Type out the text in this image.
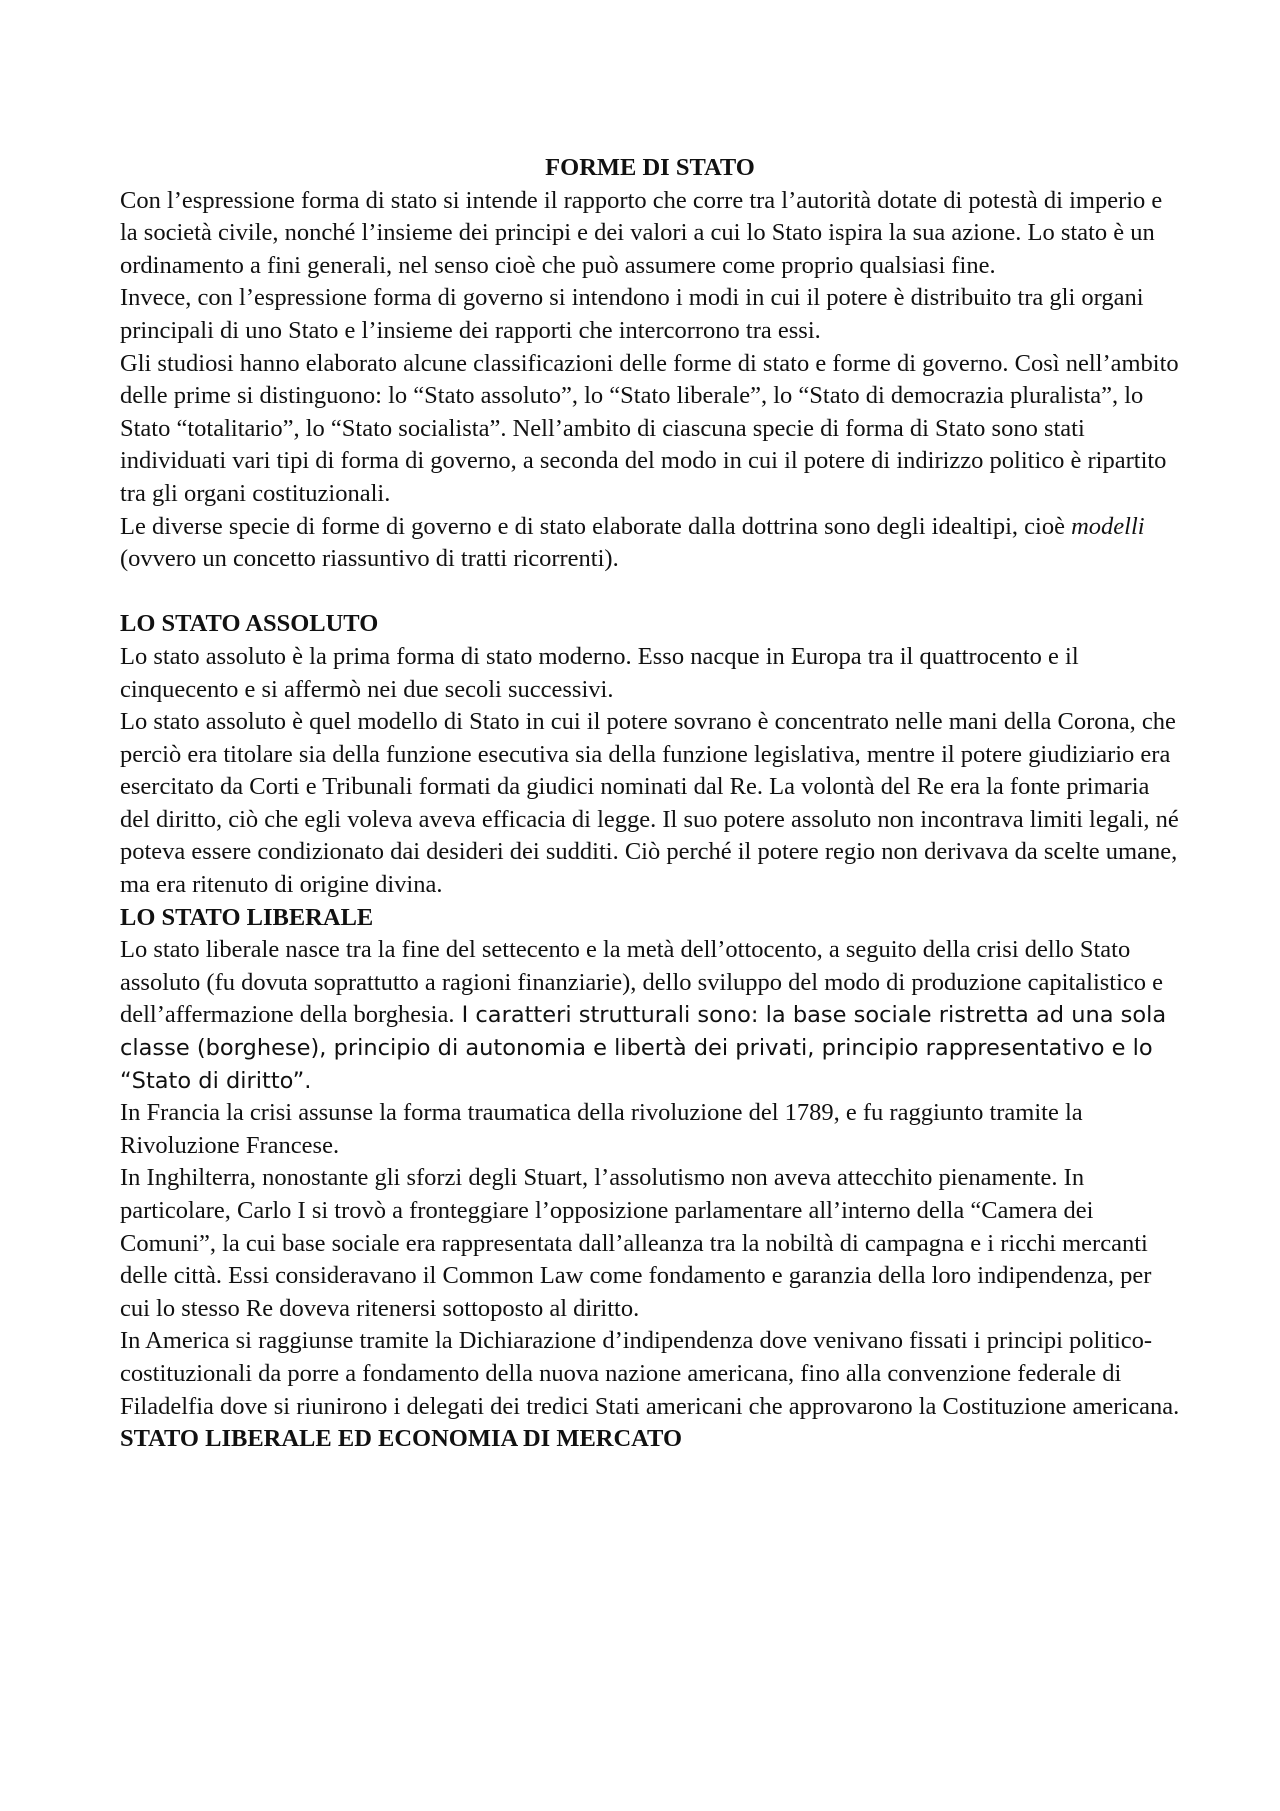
FORME DI STATO

Con l’espressione forma di stato si intende il rapporto che corre tra l’autorità dotate di potestà di imperio e la società civile, nonché l’insieme dei principi e dei valori a cui lo Stato ispira la sua azione. Lo stato è un ordinamento a fini generali, nel senso cioè che può assumere come proprio qualsiasi fine.

Invece, con l’espressione forma di governo si intendono i modi in cui il potere è distribuito tra gli organi principali di uno Stato e l’insieme dei rapporti che intercorrono tra essi.

Gli studiosi hanno elaborato alcune classificazioni delle forme di stato e forme di governo. Così nell’ambito delle prime si distinguono: lo “Stato assoluto”, lo “Stato liberale”, lo “Stato di democrazia pluralista”, lo Stato “totalitario”, lo “Stato socialista”. Nell’ambito di ciascuna specie di forma di Stato sono stati individuati vari tipi di forma di governo, a seconda del modo in cui il potere di indirizzo politico è ripartito tra gli organi costituzionali.

Le diverse specie di forme di governo e di stato elaborate dalla dottrina sono degli idealtipi, cioè modelli (ovvero un concetto riassuntivo di tratti ricorrenti).

LO STATO ASSOLUTO

Lo stato assoluto è la prima forma di stato moderno. Esso nacque in Europa tra il quattrocento e il cinquecento e si affermò nei due secoli successivi.

Lo stato assoluto è quel modello di Stato in cui il potere sovrano è concentrato nelle mani della Corona, che perciò era titolare sia della funzione esecutiva sia della funzione legislativa, mentre il potere giudiziario era esercitato da Corti e Tribunali formati da giudici nominati dal Re. La volontà del Re era la fonte primaria del diritto, ciò che egli voleva aveva efficacia di legge. Il suo potere assoluto non incontrava limiti legali, né poteva essere condizionato dai desideri dei sudditi. Ciò perché il potere regio non derivava da scelte umane, ma era ritenuto di origine divina.

LO STATO LIBERALE

Lo stato liberale nasce tra la fine del settecento e la metà dell’ottocento, a seguito della crisi dello Stato assoluto (fu dovuta soprattutto a ragioni finanziarie), dello sviluppo del modo di produzione capitalistico e dell’affermazione della borghesia. I caratteri strutturali sono: la base sociale ristretta ad una sola classe (borghese), principio di autonomia e libertà dei privati, principio rappresentativo e lo “Stato di diritto”.

In Francia la crisi assunse la forma traumatica della rivoluzione del 1789, e fu raggiunto tramite la Rivoluzione Francese.

In Inghilterra, nonostante gli sforzi degli Stuart, l’assolutismo non aveva attecchito pienamente. In particolare, Carlo I si trovò a fronteggiare l’opposizione parlamentare all’interno della “Camera dei Comuni”, la cui base sociale era rappresentata dall’alleanza tra la nobiltà di campagna e i ricchi mercanti delle città. Essi consideravano il Common Law come fondamento e garanzia della loro indipendenza, per cui lo stesso Re doveva ritenersi sottoposto al diritto.

In America si raggiunse tramite la Dichiarazione d’indipendenza dove venivano fissati i principi politico-costituzionali da porre a fondamento della nuova nazione americana, fino alla convenzione federale di Filadelfia dove si riunirono i delegati dei tredici Stati americani che approvarono la Costituzione americana.

STATO LIBERALE ED ECONOMIA DI MERCATO
